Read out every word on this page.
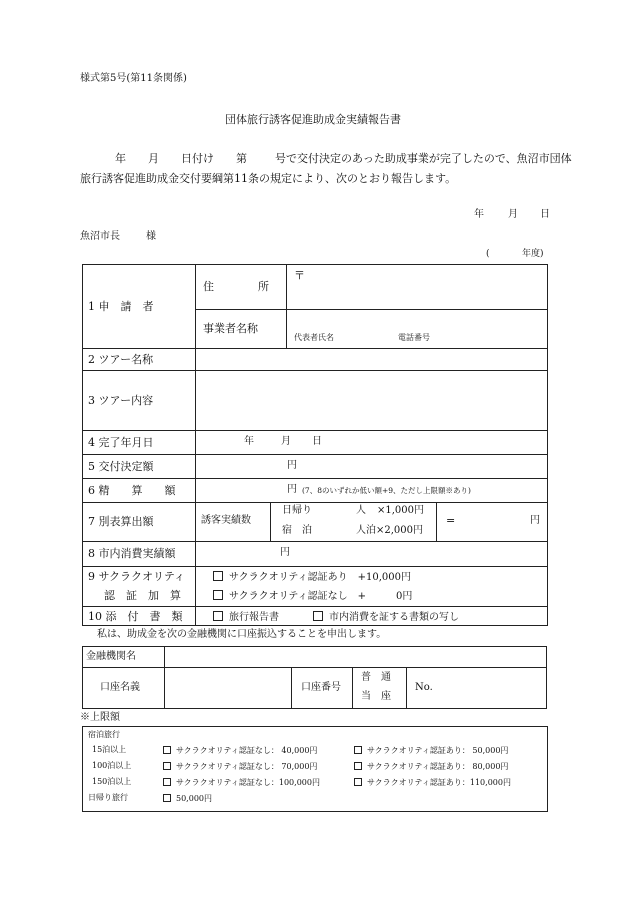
様式第5号(第11条関係)
団体旅行誘客促進助成金実績報告書
年 月 日付け 第	号で交付決定のあった助成事業が完了したので、魚沼市団体
旅行誘客促進助成金交付要綱第11条の規定により、次のとおり報告します。
年 月 日
魚沼市長	様
(	年度)
1 申　請　者
住　　　　所
〒
事業者名称
代表者氏名	電話番号
2 ツアー名称
3 ツアー内容
4 完了年月日	年	月 日
5 交付決定額	円
6 精　　算　　額	円 (7、8のいずれか低い額+9、ただし上限額※あり)
7 別表算出額	誘客実績数
日帰り	人 ×1,000円
宿　泊	人泊×2,000円
=	円
8 市内消費実績額	円
9 サクラクオリティ
認　証　加　算
サクラクオリティ認証あり　+10,000円
サクラクオリティ認証なし　+　　　0円
10 添　付　書　類	旅行報告書	市内消費を証する書類の写し
私は、助成金を次の金融機関に口座振込することを申出します。
金融機関名
口座名義	口座番号
普　通
当　座
No.
※上限額
宿泊旅行
15泊以上	サクラクオリティ認証なし： 40,000円	サクラクオリティ認証あり： 50,000円
100泊以上	サクラクオリティ認証なし： 70,000円	サクラクオリティ認証あり： 80,000円
150泊以上	サクラクオリティ認証なし：100,000円	サクラクオリティ認証あり：110,000円
日帰り旅行	50,000円
